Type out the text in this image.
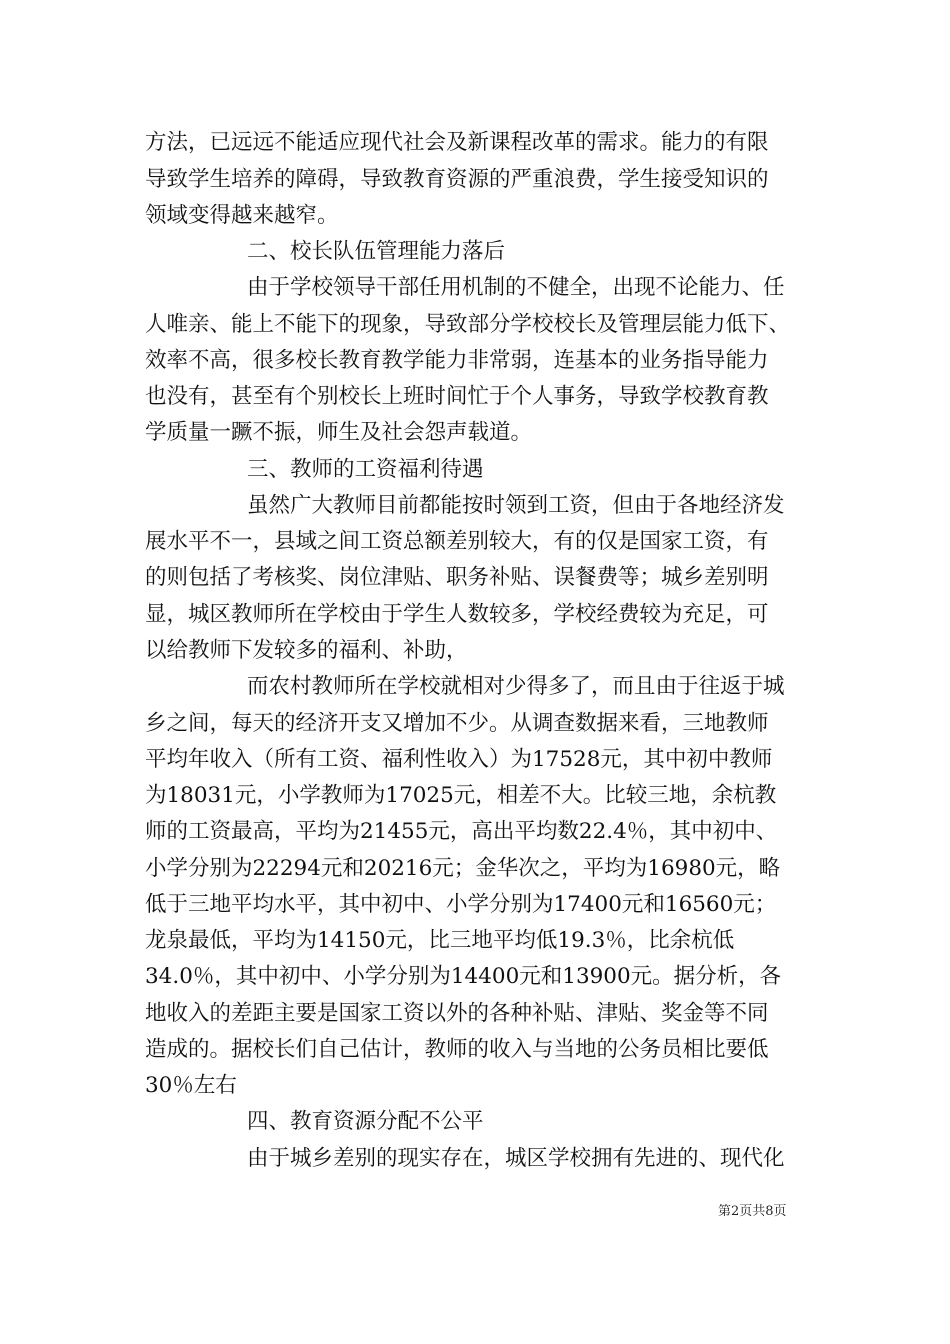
方法，已远远不能适应现代社会及新课程改革的需求。能力的有限
导致学生培养的障碍，导致教育资源的严重浪费，学生接受知识的
领域变得越来越窄。
二、校长队伍管理能力落后
由于学校领导干部任用机制的不健全，出现不论能力、任
人唯亲、能上不能下的现象，导致部分学校校长及管理层能力低下、
效率不高，很多校长教育教学能力非常弱，连基本的业务指导能力
也没有，甚至有个别校长上班时间忙于个人事务，导致学校教育教
学质量一蹶不振，师生及社会怨声载道。
三、教师的工资福利待遇
虽然广大教师目前都能按时领到工资，但由于各地经济发
展水平不一，县域之间工资总额差别较大，有的仅是国家工资，有
的则包括了考核奖、岗位津贴、职务补贴、误餐费等；城乡差别明
显，城区教师所在学校由于学生人数较多，学校经费较为充足，可
以给教师下发较多的福利、补助，
而农村教师所在学校就相对少得多了，而且由于往返于城
乡之间，每天的经济开支又增加不少。从调查数据来看，三地教师
平均年收入（所有工资、福利性收入）为17528元，其中初中教师
为18031元，小学教师为17025元，相差不大。比较三地，余杭教
师的工资最高，平均为21455元，高出平均数22.4％，其中初中、
小学分别为22294元和20216元；金华次之，平均为16980元，略
低于三地平均水平，其中初中、小学分别为17400元和16560元；
龙泉最低，平均为14150元，比三地平均低19.3％，比余杭低
34.0％，其中初中、小学分别为14400元和13900元。据分析，各
地收入的差距主要是国家工资以外的各种补贴、津贴、奖金等不同
造成的。据校长们自己估计，教师的收入与当地的公务员相比要低
30％左右
四、教育资源分配不公平
由于城乡差别的现实存在，城区学校拥有先进的、现代化
第2页共8页
